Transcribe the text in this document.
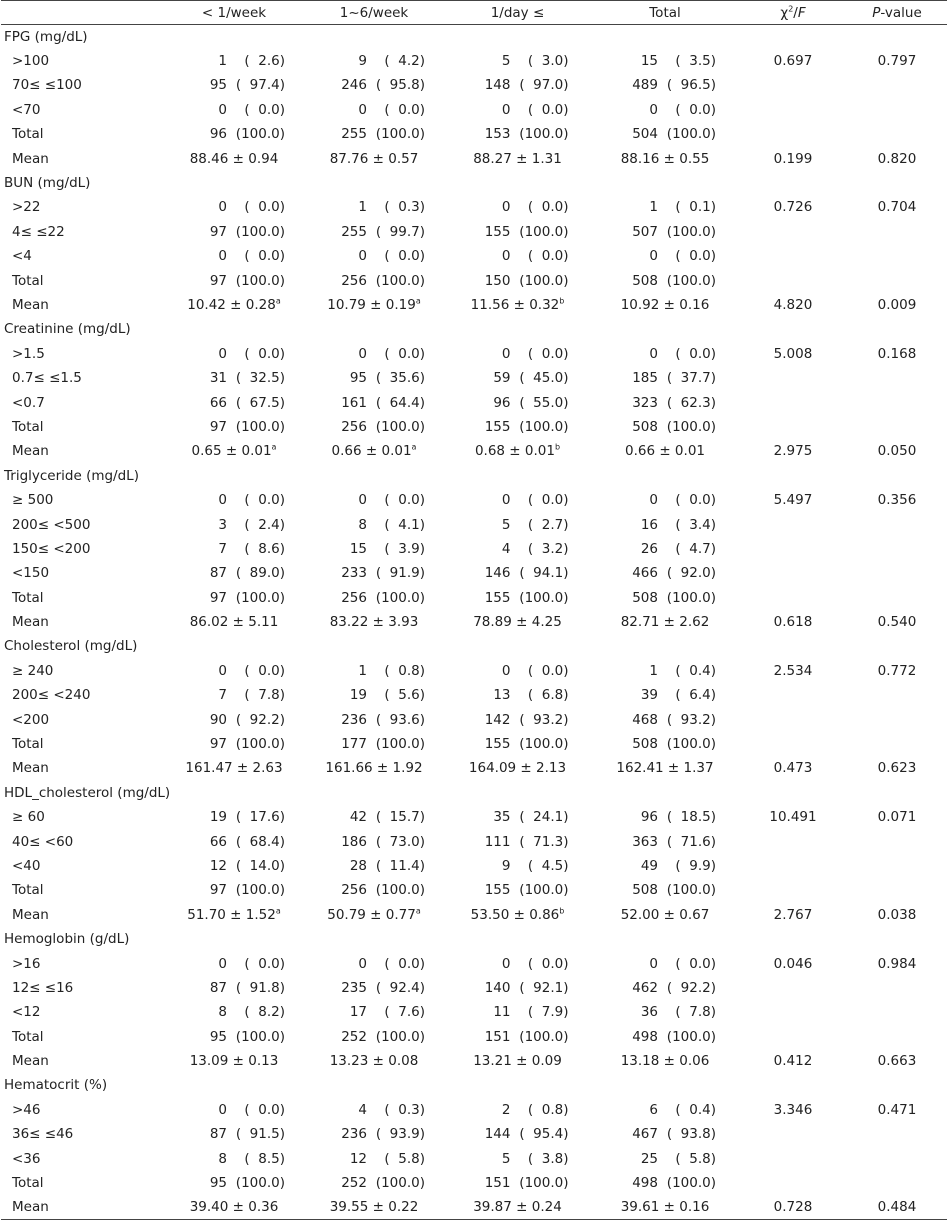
	< 1/week	1~6/week	1/day ≤	Total	$\chi^2/F$	P-value
FPG (mg/dL)						
>100	1 (  2.6)	9 (  4.2)	5 (  3.0)	15 (  3.5)	0.697	0.797
70≤ ≤100	95 (  97.4)	246 (  95.8)	148 (  97.0)	489 (  96.5)		
<70	0 (  0.0)	0 (  0.0)	0 (  0.0)	0 (  0.0)		
Total	96 (100.0)	255 (100.0)	153 (100.0)	504 (100.0)		
Mean	88.46 ± 0.94	87.76 ± 0.57	88.27 ± 1.31	88.16 ± 0.55	0.199	0.820
BUN (mg/dL)						
>22	0 (  0.0)	1 (  0.3)	0 (  0.0)	1 (  0.1)	0.726	0.704
4≤ ≤22	97 (100.0)	255 (  99.7)	155 (100.0)	507 (100.0)		
<4	0 (  0.0)	0 (  0.0)	0 (  0.0)	0 (  0.0)		
Total	97 (100.0)	256 (100.0)	150 (100.0)	508 (100.0)		
Mean	10.42 ± 0.28$^a$	10.79 ± 0.19$^a$	11.56 ± 0.32$^b$	10.92 ± 0.16	4.820	0.009
Creatinine (mg/dL)						
>1.5	0 (  0.0)	0 (  0.0)	0 (  0.0)	0 (  0.0)	5.008	0.168
0.7≤ ≤1.5	31 (  32.5)	95 (  35.6)	59 (  45.0)	185 (  37.7)		
<0.7	66 (  67.5)	161 (  64.4)	96 (  55.0)	323 (  62.3)		
Total	97 (100.0)	256 (100.0)	155 (100.0)	508 (100.0)		
Mean	0.65 ± 0.01$^a$	0.66 ± 0.01$^a$	0.68 ± 0.01$^b$	0.66 ± 0.01	2.975	0.050
Triglyceride (mg/dL)						
≥ 500	0 (  0.0)	0 (  0.0)	0 (  0.0)	0 (  0.0)	5.497	0.356
200≤ <500	3 (  2.4)	8 (  4.1)	5 (  2.7)	16 (  3.4)		
150≤ <200	7 (  8.6)	15 (  3.9)	4 (  3.2)	26 (  4.7)		
<150	87 (  89.0)	233 (  91.9)	146 (  94.1)	466 (  92.0)		
Total	97 (100.0)	256 (100.0)	155 (100.0)	508 (100.0)		
Mean	86.02 ± 5.11	83.22 ± 3.93	78.89 ± 4.25	82.71 ± 2.62	0.618	0.540
Cholesterol (mg/dL)						
≥ 240	0 (  0.0)	1 (  0.8)	0 (  0.0)	1 (  0.4)	2.534	0.772
200≤ <240	7 (  7.8)	19 (  5.6)	13 (  6.8)	39 (  6.4)		
<200	90 (  92.2)	236 (  93.6)	142 (  93.2)	468 (  93.2)		
Total	97 (100.0)	177 (100.0)	155 (100.0)	508 (100.0)		
Mean	161.47 ± 2.63	161.66 ± 1.92	164.09 ± 2.13	162.41 ± 1.37	0.473	0.623
HDL_cholesterol (mg/dL)						
≥ 60	19 (  17.6)	42 (  15.7)	35 (  24.1)	96 (  18.5)	10.491	0.071
40≤ <60	66 (  68.4)	186 (  73.0)	111 (  71.3)	363 (  71.6)		
<40	12 (  14.0)	28 (  11.4)	9 (  4.5)	49 (  9.9)		
Total	97 (100.0)	256 (100.0)	155 (100.0)	508 (100.0)		
Mean	51.70 ± 1.52$^a$	50.79 ± 0.77$^a$	53.50 ± 0.86$^b$	52.00 ± 0.67	2.767	0.038
Hemoglobin (g/dL)						
>16	0 (  0.0)	0 (  0.0)	0 (  0.0)	0 (  0.0)	0.046	0.984
12≤ ≤16	87 (  91.8)	235 (  92.4)	140 (  92.1)	462 (  92.2)		
<12	8 (  8.2)	17 (  7.6)	11 (  7.9)	36 (  7.8)		
Total	95 (100.0)	252 (100.0)	151 (100.0)	498 (100.0)		
Mean	13.09 ± 0.13	13.23 ± 0.08	13.21 ± 0.09	13.18 ± 0.06	0.412	0.663
Hematocrit (%)						
>46	0 (  0.0)	4 (  0.3)	2 (  0.8)	6 (  0.4)	3.346	0.471
36≤ ≤46	87 (  91.5)	236 (  93.9)	144 (  95.4)	467 (  93.8)		
<36	8 (  8.5)	12 (  5.8)	5 (  3.8)	25 (  5.8)		
Total	95 (100.0)	252 (100.0)	151 (100.0)	498 (100.0)		
Mean	39.40 ± 0.36	39.55 ± 0.22	39.87 ± 0.24	39.61 ± 0.16	0.728	0.484
